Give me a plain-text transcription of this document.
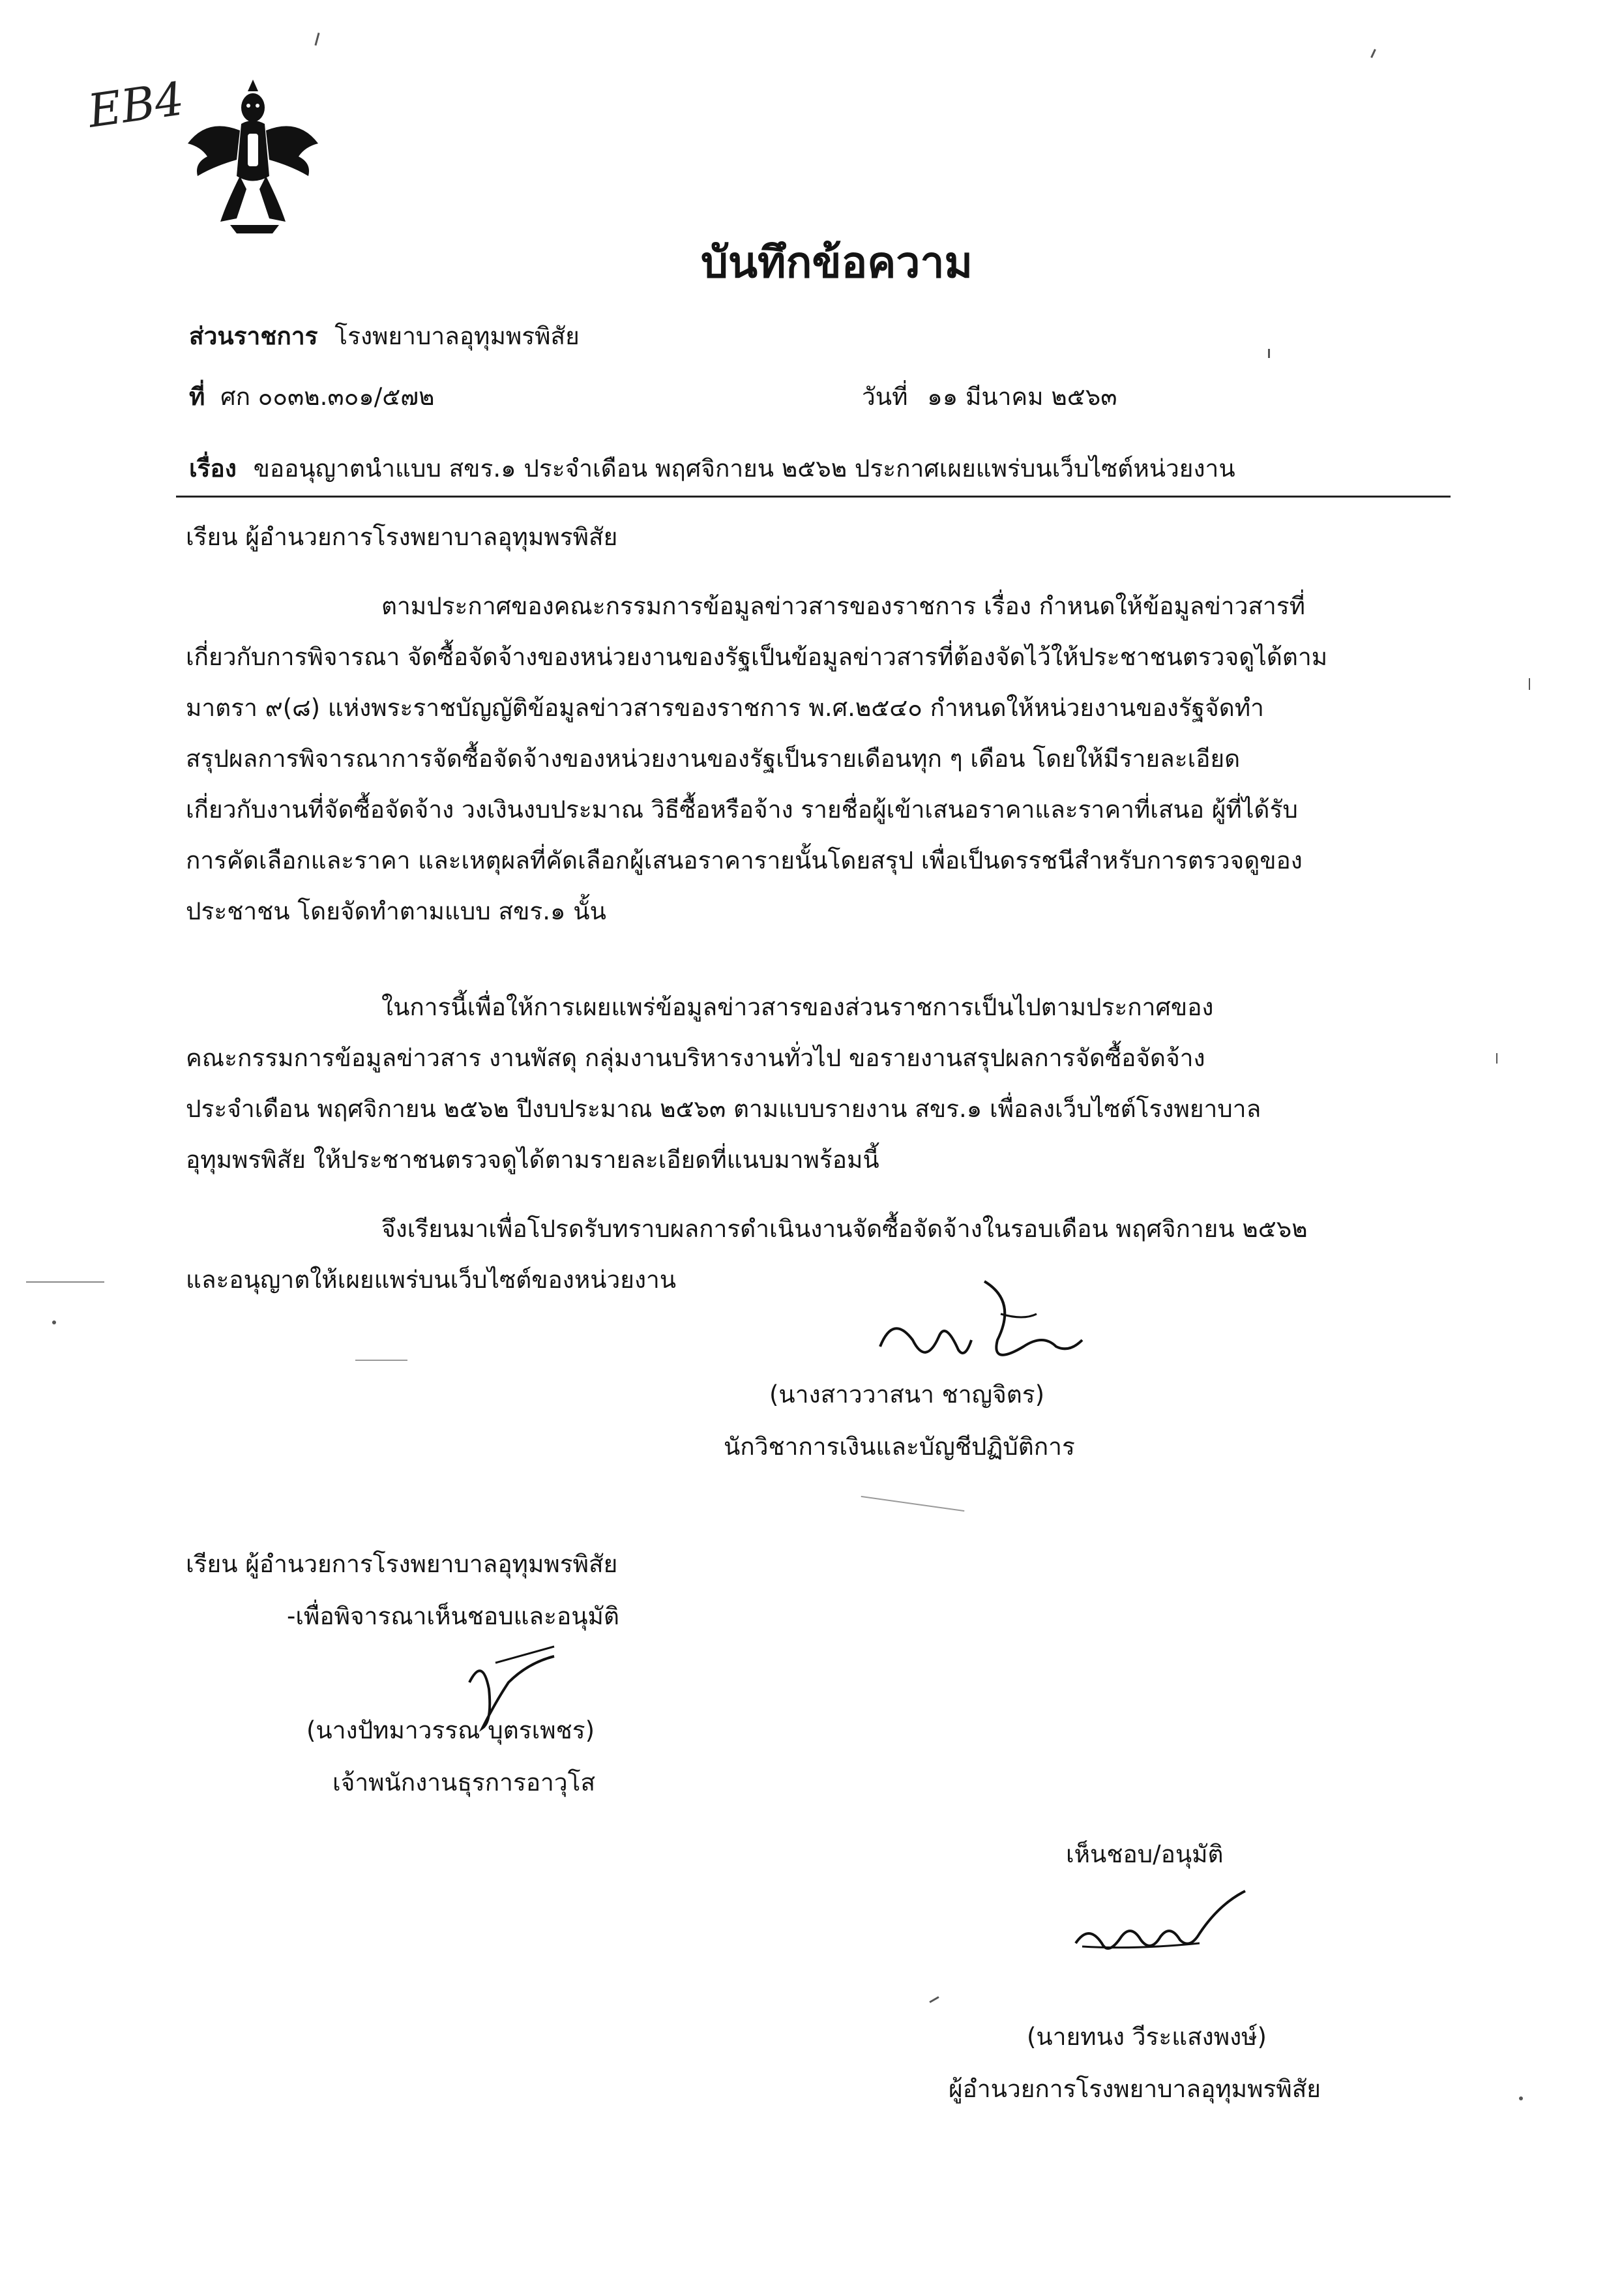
EB4
บันทึกข้อความ
ส่วนราชการ โรงพยาบาลอุทุมพรพิสัย
ที่ ศก ๐๐๓๒.๓๐๑/๕๗๒	วันที่ ๑๑ มีนาคม ๒๕๖๓
เรื่อง ขออนุญาตนำแบบ สขร.๑ ประจำเดือน พฤศจิกายน ๒๕๖๒ ประกาศเผยแพร่บนเว็บไซต์หน่วยงาน
เรียน ผู้อำนวยการโรงพยาบาลอุทุมพรพิสัย
ตามประกาศของคณะกรรมการข้อมูลข่าวสารของราชการ เรื่อง กำหนดให้ข้อมูลข่าวสารที่
เกี่ยวกับการพิจารณา จัดซื้อจัดจ้างของหน่วยงานของรัฐเป็นข้อมูลข่าวสารที่ต้องจัดไว้ให้ประชาชนตรวจดูได้ตาม
มาตรา ๙(๘) แห่งพระราชบัญญัติข้อมูลข่าวสารของราชการ พ.ศ.๒๕๔๐ กำหนดให้หน่วยงานของรัฐจัดทำ
สรุปผลการพิจารณาการจัดซื้อจัดจ้างของหน่วยงานของรัฐเป็นรายเดือนทุก ๆ เดือน โดยให้มีรายละเอียด
เกี่ยวกับงานที่จัดซื้อจัดจ้าง วงเงินงบประมาณ วิธีซื้อหรือจ้าง รายชื่อผู้เข้าเสนอราคาและราคาที่เสนอ ผู้ที่ได้รับ
การคัดเลือกและราคา และเหตุผลที่คัดเลือกผู้เสนอราคารายนั้นโดยสรุป เพื่อเป็นดรรชนีสำหรับการตรวจดูของ
ประชาชน โดยจัดทำตามแบบ สขร.๑ นั้น
ในการนี้เพื่อให้การเผยแพร่ข้อมูลข่าวสารของส่วนราชการเป็นไปตามประกาศของ
คณะกรรมการข้อมูลข่าวสาร งานพัสดุ กลุ่มงานบริหารงานทั่วไป ขอรายงานสรุปผลการจัดซื้อจัดจ้าง
ประจำเดือน พฤศจิกายน ๒๕๖๒ ปีงบประมาณ ๒๕๖๓ ตามแบบรายงาน สขร.๑ เพื่อลงเว็บไซต์โรงพยาบาล
อุทุมพรพิสัย ให้ประชาชนตรวจดูได้ตามรายละเอียดที่แนบมาพร้อมนี้
จึงเรียนมาเพื่อโปรดรับทราบผลการดำเนินงานจัดซื้อจัดจ้างในรอบเดือน พฤศจิกายน ๒๕๖๒
และอนุญาตให้เผยแพร่บนเว็บไซต์ของหน่วยงาน
(นางสาววาสนา ชาญจิตร)
นักวิชาการเงินและบัญชีปฏิบัติการ
เรียน ผู้อำนวยการโรงพยาบาลอุทุมพรพิสัย
-เพื่อพิจารณาเห็นชอบและอนุมัติ
(นางปัทมาวรรณ บุตรเพชร)
เจ้าพนักงานธุรการอาวุโส
เห็นชอบ/อนุมัติ
(นายทนง วีระแสงพงษ์)
ผู้อำนวยการโรงพยาบาลอุทุมพรพิสัย
